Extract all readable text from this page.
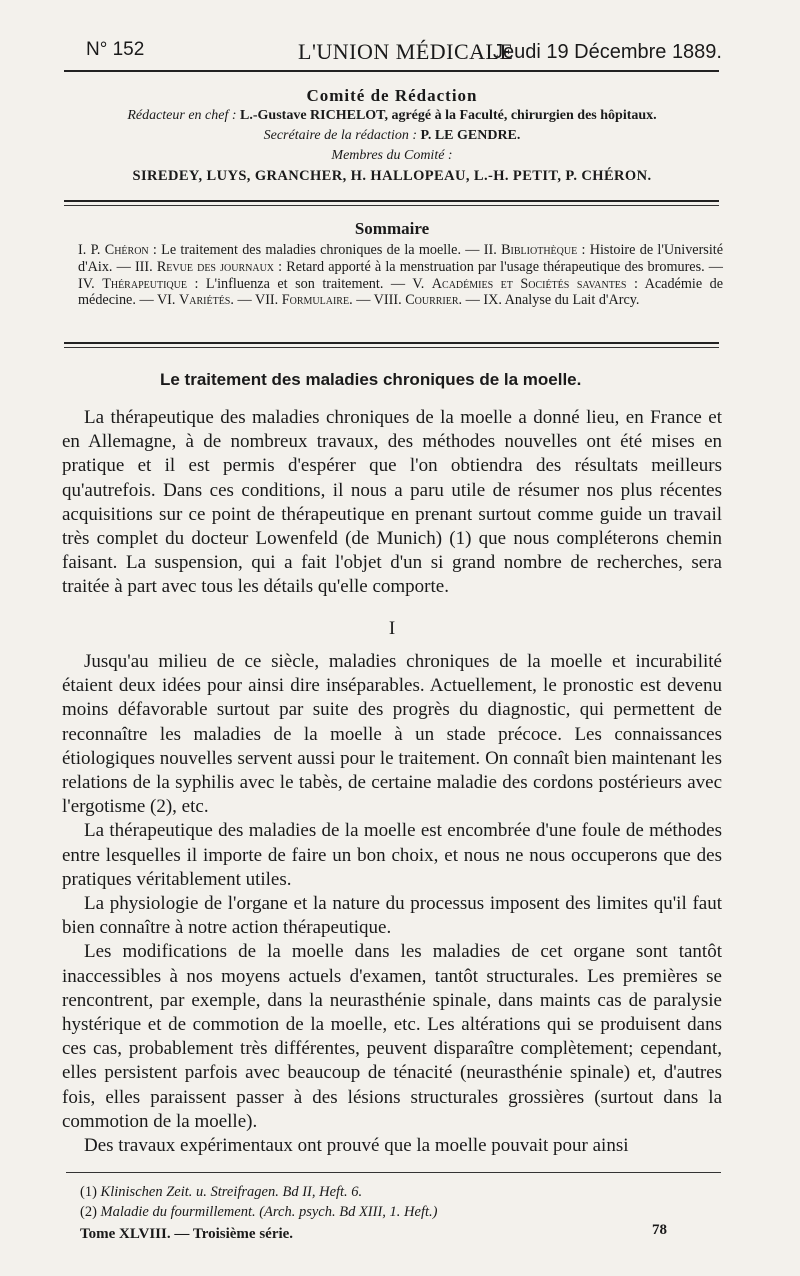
N° 152	L'UNION MÉDICALE
Jeudi 19 Décembre 1889.
Comité de Rédaction
Rédacteur en chef : L.-Gustave RICHELOT, agrégé à la Faculté, chirurgien des hôpitaux.
Secrétaire de la rédaction : P. LE GENDRE.
Membres du Comité :
SIREDEY, LUYS, GRANCHER, H. HALLOPEAU, L.-H. PETIT, P. CHÉRON.
Sommaire
I. P. Chéron : Le traitement des maladies chroniques de la moelle. — II. Bibliothèque : Histoire de l'Université d'Aix. — III. Revue des journaux : Retard apporté à la menstruation par l'usage thérapeutique des bromures. — IV. Thérapeutique : L'influenza et son traitement. — V. Académies et Sociétés savantes : Académie de médecine. — VI. Variétés. — VII. Formulaire. — VIII. Courrier. — IX. Analyse du Lait d'Arcy.
Le traitement des maladies chroniques de la moelle.

La thérapeutique des maladies chroniques de la moelle a donné lieu, en France et en Allemagne, à de nombreux travaux, des méthodes nouvelles ont été mises en pratique et il est permis d'espérer que l'on obtiendra des résultats meilleurs qu'autrefois. Dans ces conditions, il nous a paru utile de résumer nos plus récentes acquisitions sur ce point de thérapeutique en prenant surtout comme guide un travail très complet du docteur Lowenfeld (de Munich) (1) que nous compléterons chemin faisant. La suspension, qui a fait l'objet d'un si grand nombre de recherches, sera traitée à part avec tous les détails qu'elle comporte.

I

Jusqu'au milieu de ce siècle, maladies chroniques de la moelle et incurabilité étaient deux idées pour ainsi dire inséparables. Actuellement, le pronostic est devenu moins défavorable surtout par suite des progrès du diagnostic, qui permettent de reconnaître les maladies de la moelle à un stade précoce. Les connaissances étiologiques nouvelles servent aussi pour le traitement. On connaît bien maintenant les relations de la syphilis avec le tabès, de certaine maladie des cordons postérieurs avec l'ergotisme (2), etc.

La thérapeutique des maladies de la moelle est encombrée d'une foule de méthodes entre lesquelles il importe de faire un bon choix, et nous ne nous occuperons que des pratiques véritablement utiles.

La physiologie de l'organe et la nature du processus imposent des limites qu'il faut bien connaître à notre action thérapeutique.

Les modifications de la moelle dans les maladies de cet organe sont tantôt inaccessibles à nos moyens actuels d'examen, tantôt structurales. Les premières se rencontrent, par exemple, dans la neurasthénie spinale, dans maints cas de paralysie hystérique et de commotion de la moelle, etc. Les altérations qui se produisent dans ces cas, probablement très différentes, peuvent disparaître complètement; cependant, elles persistent parfois avec beaucoup de ténacité (neurasthénie spinale) et, d'autres fois, elles paraissent passer à des lésions structurales grossières (surtout dans la commotion de la moelle).

Des travaux expérimentaux ont prouvé que la moelle pouvait pour ainsi

(1) Klinischen Zeit. u. Streifragen. Bd II, Heft. 6.
(2) Maladie du fourmillement. (Arch. psych. Bd XIII, 1. Heft.)
Tome XLVIII. — Troisième série.	78
